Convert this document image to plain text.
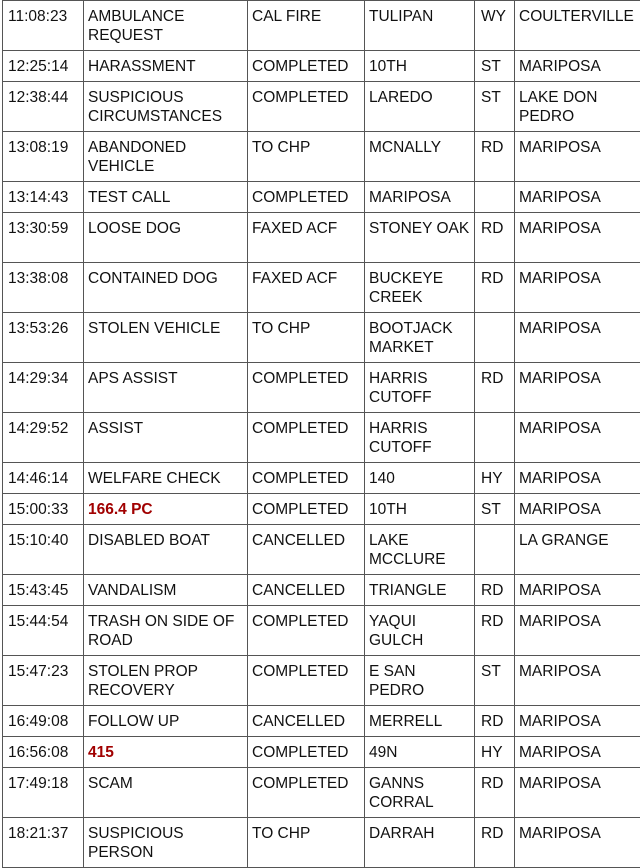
11:08:23	AMBULANCE REQUEST	CAL FIRE	TULIPAN	WY	COULTERVILLE
12:25:14	HARASSMENT	COMPLETED	10TH	ST	MARIPOSA
12:38:44	SUSPICIOUS CIRCUMSTANCES	COMPLETED	LAREDO	ST	LAKE DON PEDRO
13:08:19	ABANDONED VEHICLE	TO CHP	MCNALLY	RD	MARIPOSA
13:14:43	TEST CALL	COMPLETED	MARIPOSA		MARIPOSA
13:30:59	LOOSE DOG	FAXED ACF	STONEY OAK	RD	MARIPOSA
13:38:08	CONTAINED DOG	FAXED ACF	BUCKEYE CREEK	RD	MARIPOSA
13:53:26	STOLEN VEHICLE	TO CHP	BOOTJACK MARKET		MARIPOSA
14:29:34	APS ASSIST	COMPLETED	HARRIS CUTOFF	RD	MARIPOSA
14:29:52	ASSIST	COMPLETED	HARRIS CUTOFF		MARIPOSA
14:46:14	WELFARE CHECK	COMPLETED	140	HY	MARIPOSA
15:00:33	166.4 PC	COMPLETED	10TH	ST	MARIPOSA
15:10:40	DISABLED BOAT	CANCELLED	LAKE MCCLURE		LA GRANGE
15:43:45	VANDALISM	CANCELLED	TRIANGLE	RD	MARIPOSA
15:44:54	TRASH ON SIDE OF ROAD	COMPLETED	YAQUI GULCH	RD	MARIPOSA
15:47:23	STOLEN PROP RECOVERY	COMPLETED	E SAN PEDRO	ST	MARIPOSA
16:49:08	FOLLOW UP	CANCELLED	MERRELL	RD	MARIPOSA
16:56:08	415	COMPLETED	49N	HY	MARIPOSA
17:49:18	SCAM	COMPLETED	GANNS CORRAL	RD	MARIPOSA
18:21:37	SUSPICIOUS PERSON	TO CHP	DARRAH	RD	MARIPOSA
